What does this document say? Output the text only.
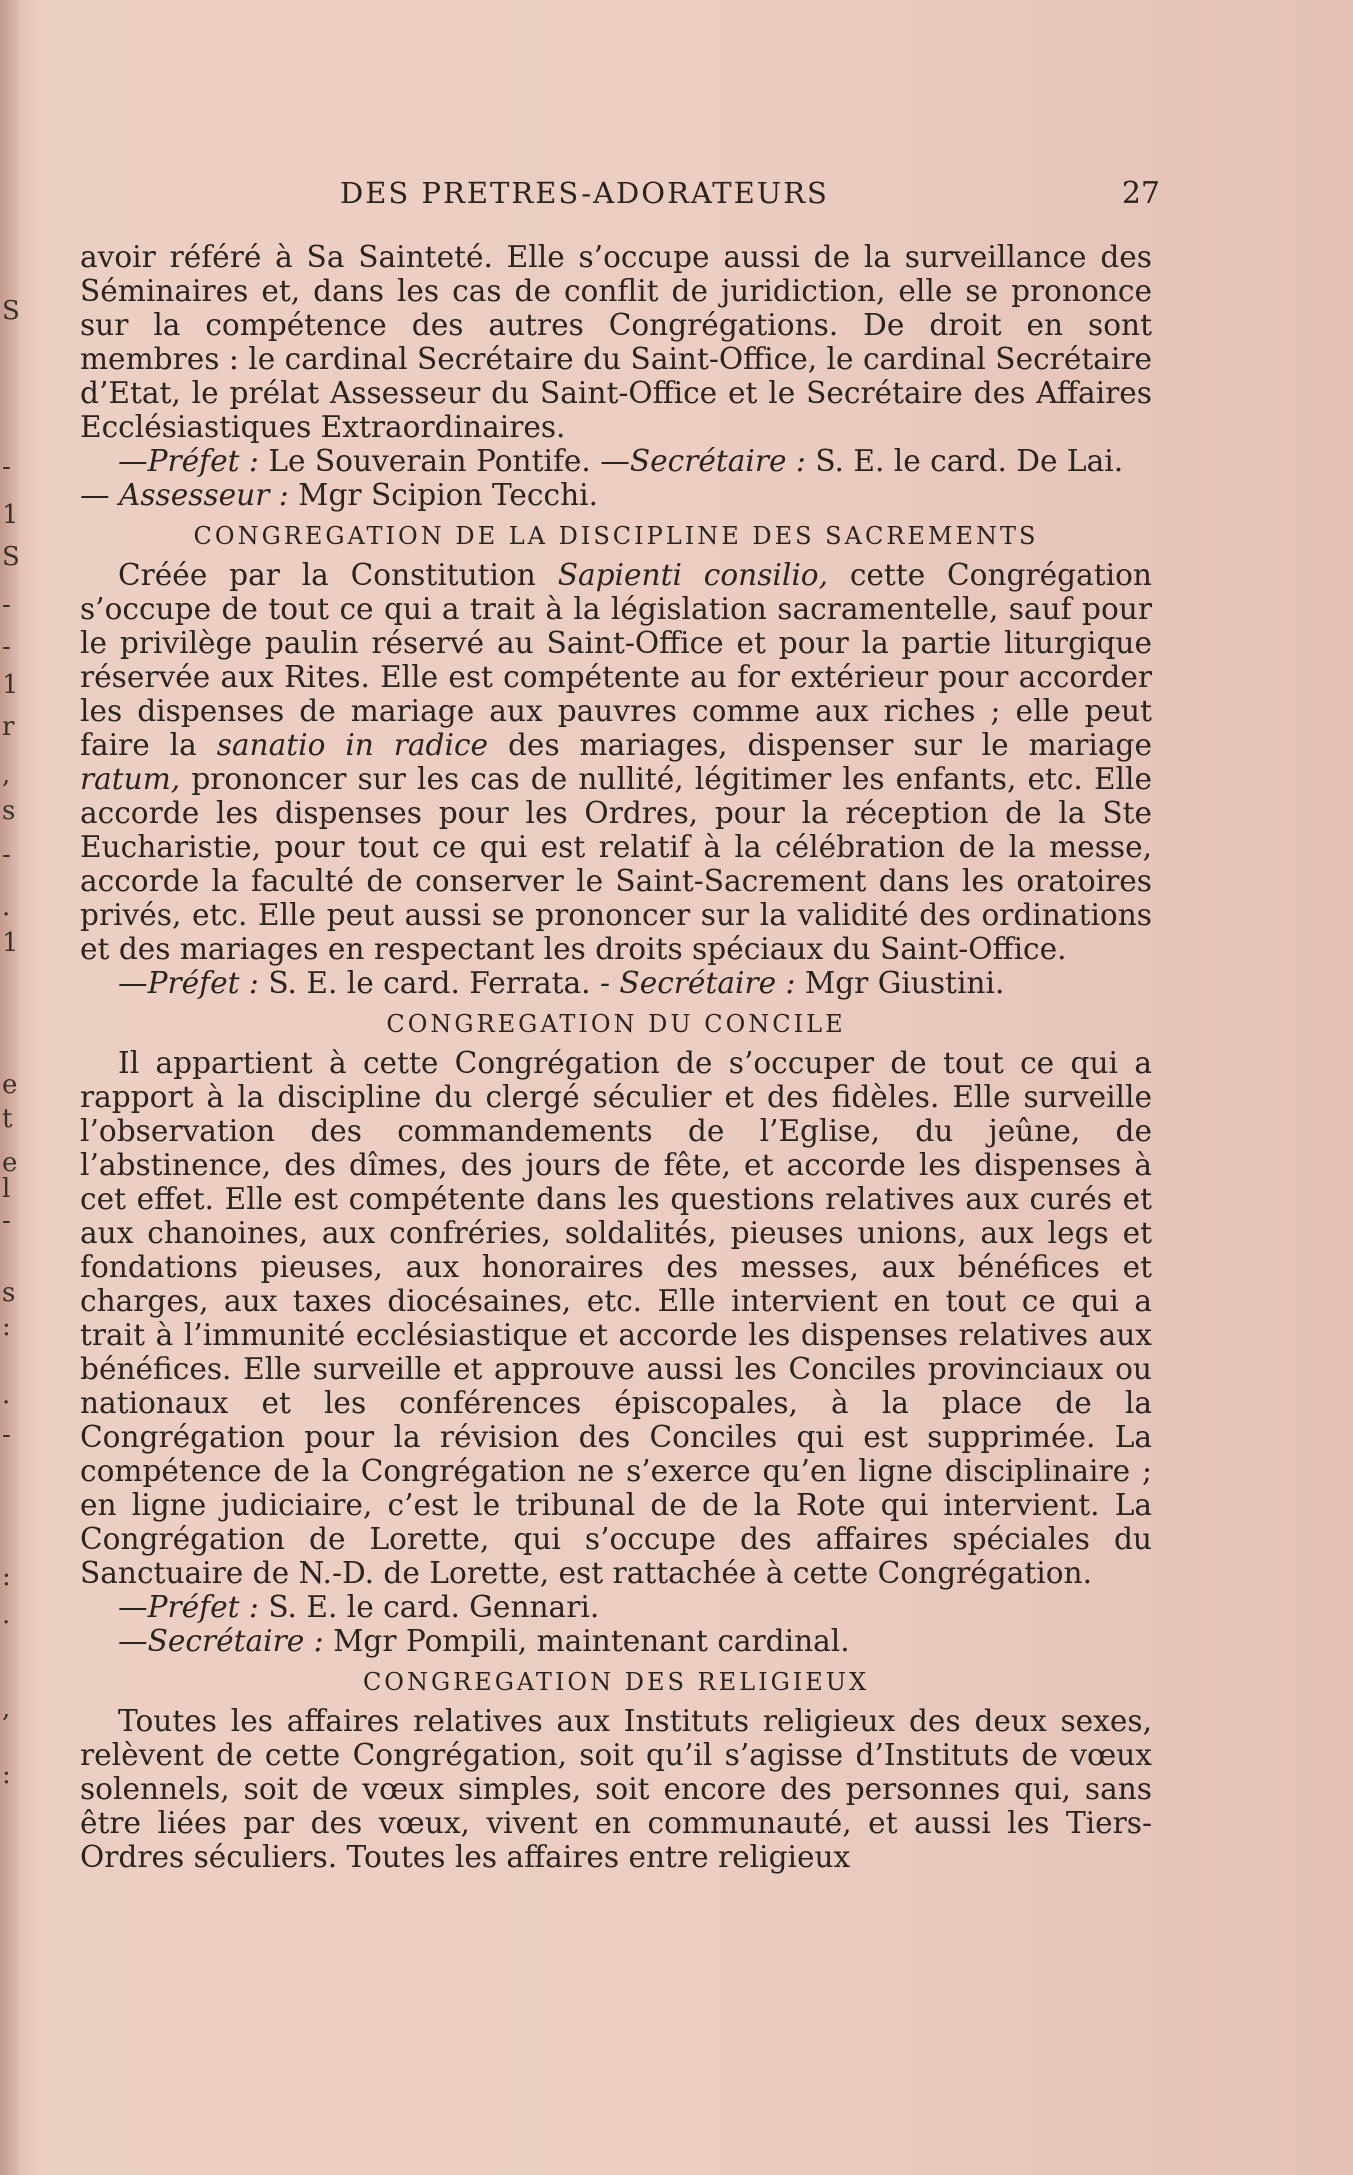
S
-
1
S
-
-
1
r
,
s
-
.
1
e
t
e
l
-
s
:
.
-
:
.
,
:
DES PRETRES-ADORATEURS	27

avoir référé à Sa Sainteté. Elle s’occupe aussi de la surveillance des Séminaires et, dans les cas de conflit de juridiction, elle se prononce sur la compétence des autres Congrégations. De droit en sont membres : le cardinal Secrétaire du Saint-Office, le cardinal Secrétaire d’Etat, le prélat Assesseur du Saint-Office et le Secrétaire des Affaires Ecclésiastiques Extraordinaires.

—Préfet : Le Souverain Pontife. —Secrétaire : S. E. le card. De Lai. — Assesseur : Mgr Scipion Tecchi.

CONGREGATION DE LA DISCIPLINE DES SACREMENTS

Créée par la Constitution Sapienti consilio, cette Congrégation s’occupe de tout ce qui a trait à la législation sacramentelle, sauf pour le privilège paulin réservé au Saint-Office et pour la partie liturgique réservée aux Rites. Elle est compétente au for extérieur pour accorder les dispenses de mariage aux pauvres comme aux riches ; elle peut faire la sanatio in radice des mariages, dispenser sur le mariage ratum, prononcer sur les cas de nullité, légitimer les enfants, etc. Elle accorde les dispenses pour les Ordres, pour la réception de la Ste Eucharistie, pour tout ce qui est relatif à la célébration de la messe, accorde la faculté de conserver le Saint-Sacrement dans les oratoires privés, etc. Elle peut aussi se prononcer sur la validité des ordinations et des mariages en respectant les droits spéciaux du Saint-Office.

—Préfet : S. E. le card. Ferrata. - Secrétaire : Mgr Giustini.

CONGREGATION DU CONCILE

Il appartient à cette Congrégation de s’occuper de tout ce qui a rapport à la discipline du clergé séculier et des fidèles. Elle surveille l’observation des commandements de l’Eglise, du jeûne, de l’abstinence, des dîmes, des jours de fête, et accorde les dispenses à cet effet. Elle est compétente dans les questions relatives aux curés et aux chanoines, aux confréries, soldalités, pieuses unions, aux legs et fondations pieuses, aux honoraires des messes, aux bénéfices et charges, aux taxes diocésaines, etc. Elle intervient en tout ce qui a trait à l’immunité ecclésiastique et accorde les dispenses relatives aux bénéfices. Elle surveille et approuve aussi les Conciles provinciaux ou nationaux et les conférences épiscopales, à la place de la Congrégation pour la révision des Conciles qui est supprimée. La compétence de la Congrégation ne s’exerce qu’en ligne disciplinaire ; en ligne judiciaire, c’est le tribunal de de la Rote qui intervient. La Congrégation de Lorette, qui s’occupe des affaires spéciales du Sanctuaire de N.-D. de Lorette, est rattachée à cette Congrégation.

—Préfet : S. E. le card. Gennari.

—Secrétaire : Mgr Pompili, maintenant cardinal.

CONGREGATION DES RELIGIEUX

Toutes les affaires relatives aux Instituts religieux des deux sexes, relèvent de cette Congrégation, soit qu’il s’agisse d’Instituts de vœux solennels, soit de vœux simples, soit encore des personnes qui, sans être liées par des vœux, vivent en communauté, et aussi les Tiers-Ordres séculiers. Toutes les affaires entre religieux
